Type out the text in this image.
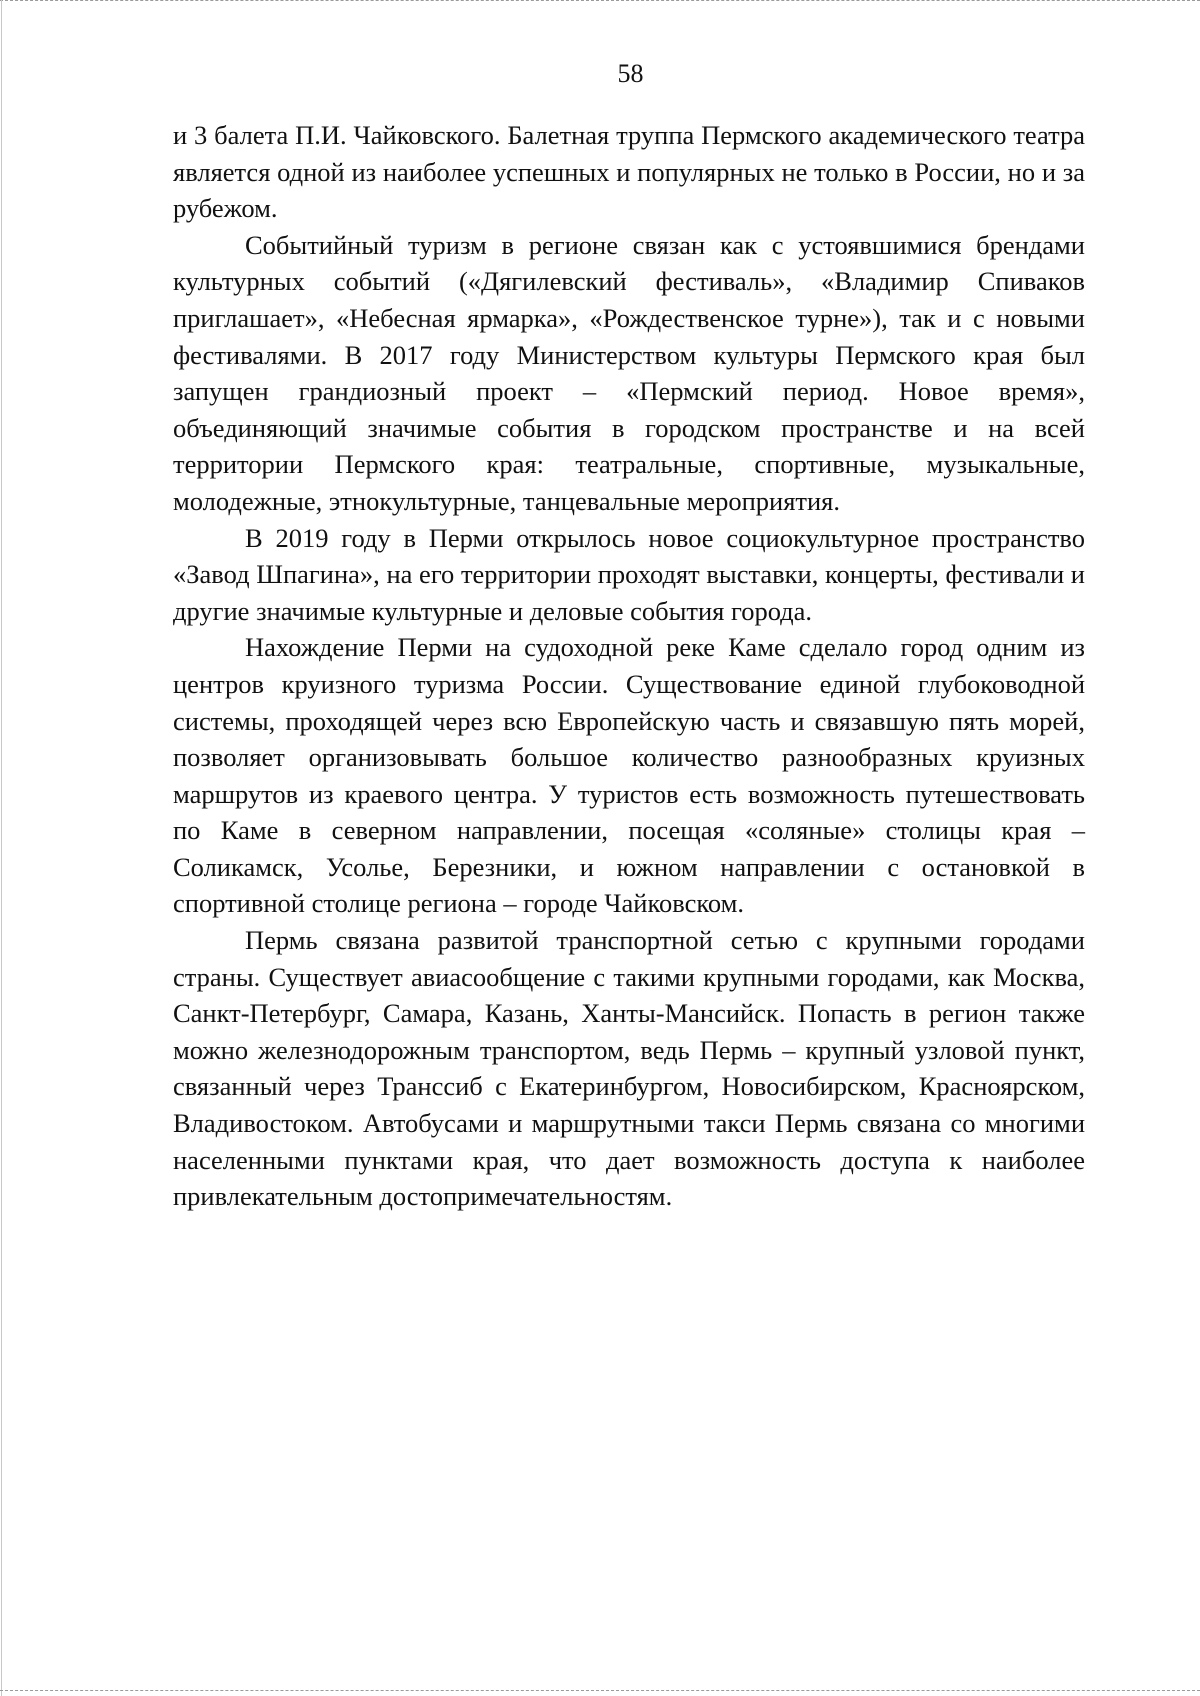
58

и 3 балета П.И. Чайковского. Балетная труппа Пермского академического театра является одной из наиболее успешных и популярных не только в России, но и за рубежом.

Событийный туризм в регионе связан как с устоявшимися брендами культурных событий («Дягилевский фестиваль», «Владимир Спиваков приглашает», «Небесная ярмарка», «Рождественское турне»), так и с новыми фестивалями. В 2017 году Министерством культуры Пермского края был запущен грандиозный проект – «Пермский период. Новое время», объединяющий значимые события в городском пространстве и на всей территории Пермского края: театральные, спортивные, музыкальные, молодежные, этнокультурные, танцевальные мероприятия.

В 2019 году в Перми открылось новое социокультурное пространство «Завод Шпагина», на его территории проходят выставки, концерты, фестивали и другие значимые культурные и деловые события города.

Нахождение Перми на судоходной реке Каме сделало город одним из центров круизного туризма России. Существование единой глубоководной системы, проходящей через всю Европейскую часть и связавшую пять морей, позволяет организовывать большое количество разнообразных круизных маршрутов из краевого центра. У туристов есть возможность путешествовать по Каме в северном направлении, посещая «соляные» столицы края – Соликамск, Усолье, Березники, и южном направлении с остановкой в спортивной столице региона – городе Чайковском.

Пермь связана развитой транспортной сетью с крупными городами страны. Существует авиасообщение с такими крупными городами, как Москва, Санкт-Петербург, Самара, Казань, Ханты-Мансийск. Попасть в регион также можно железнодорожным транспортом, ведь Пермь – крупный узловой пункт, связанный через Транссиб с Екатеринбургом, Новосибирском, Красноярском, Владивостоком. Автобусами и маршрутными такси Пермь связана со многими населенными пунктами края, что дает возможность доступа к наиболее привлекательным достопримечательностям.
